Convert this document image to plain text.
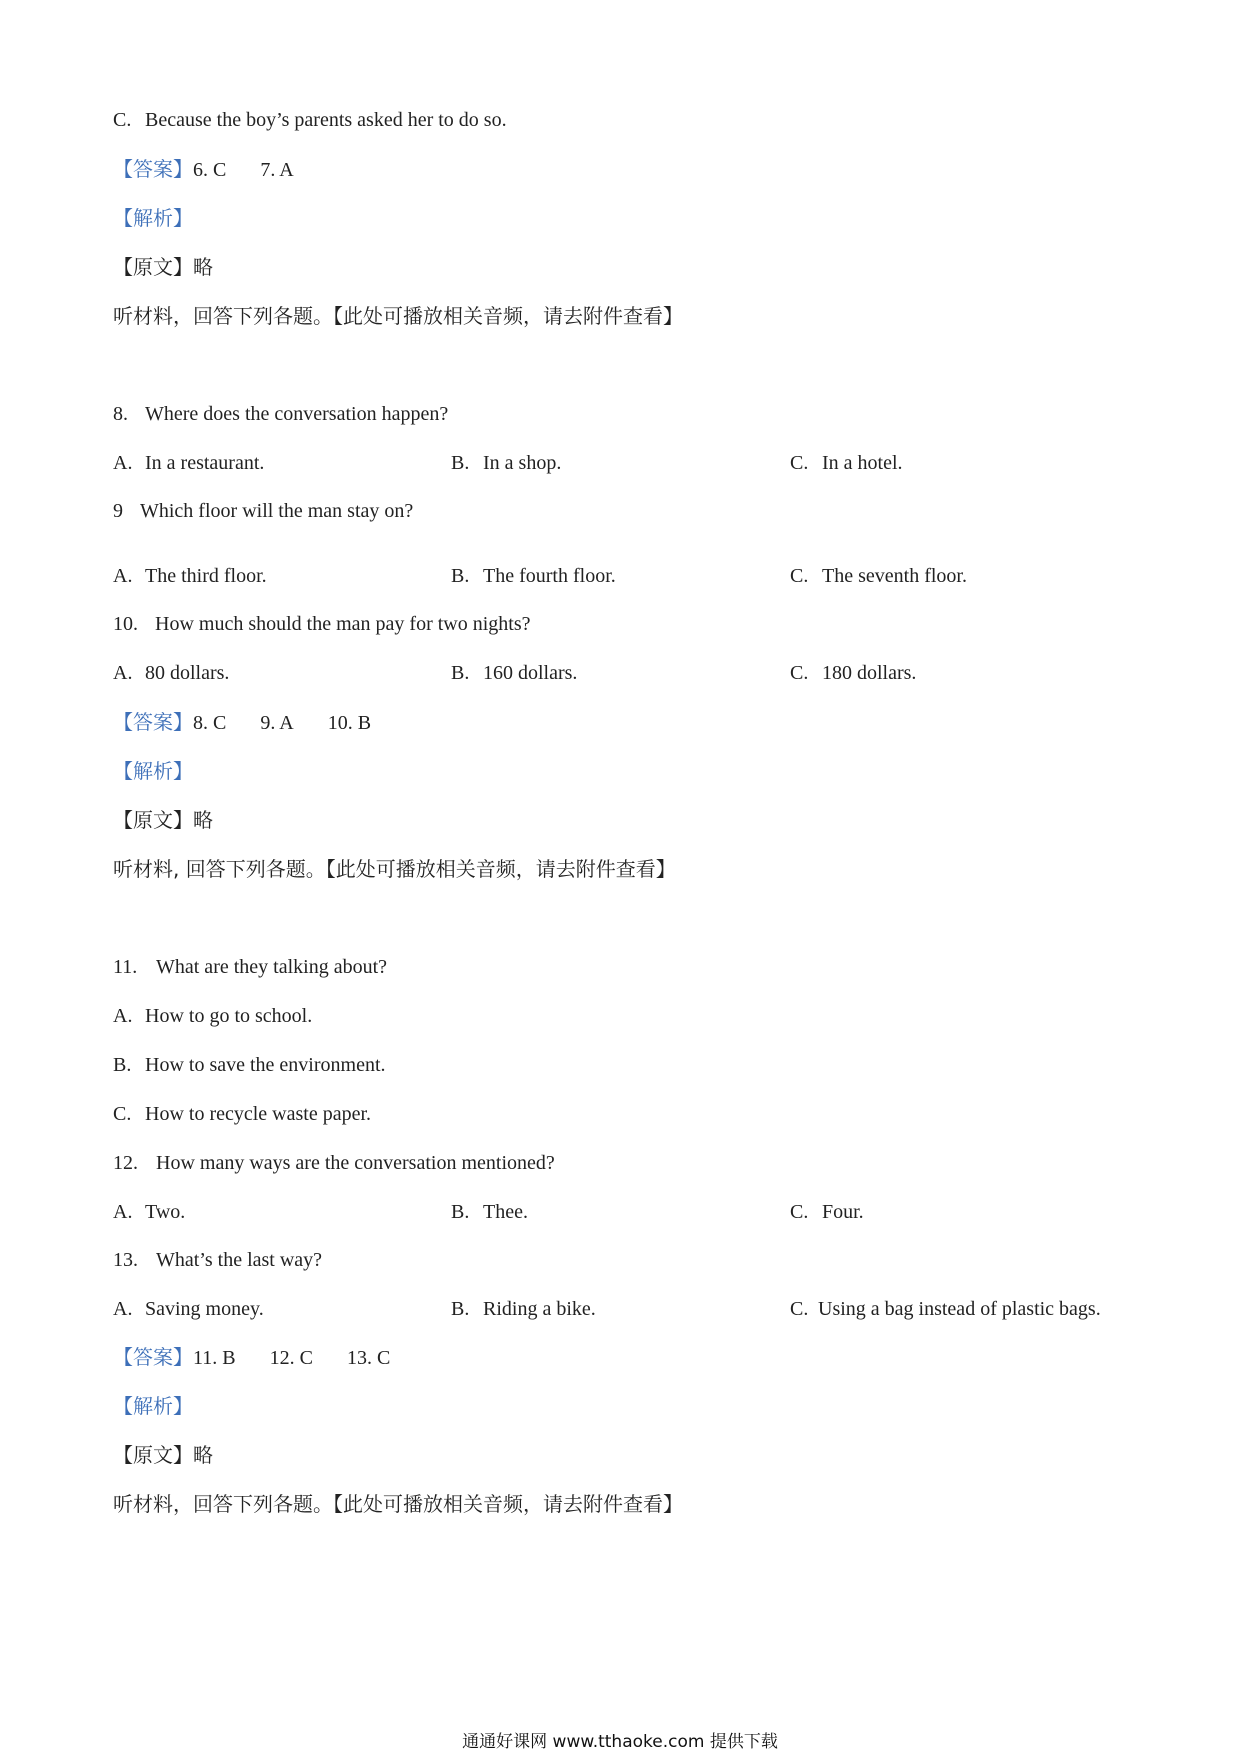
C. Because the boy’s parents asked her to do so.
【答案】6. C 7. A
【解析】
【原文】略
听材料，回答下列各题。【此处可播放相关音频，请去附件查看】
8. Where does the conversation happen?
A. In a restaurant.	B. In a shop.	C. In a hotel.
9 Which floor will the man stay on?
A. The third floor.	B. The fourth floor.	C. The seventh floor.
10. How much should the man pay for two nights?
A. 80 dollars.	B. 160 dollars.	C. 180 dollars.
【答案】8. C 9. A 10. B
【解析】
【原文】略
听材料, 回答下列各题。【此处可播放相关音频，请去附件查看】
11. What are they talking about?
A. How to go to school.
B. How to save the environment.
C. How to recycle waste paper.
12. How many ways are the conversation mentioned?
A. Two.	B. Thee.	C. Four.
13. What’s the last way?
A. Saving money.	B. Riding a bike.	C. Using a bag instead of plastic bags.
【答案】11. B 12. C 13. C
【解析】
【原文】略
听材料，回答下列各题。【此处可播放相关音频，请去附件查看】
通通好课网 www.tthaoke.com 提供下载
